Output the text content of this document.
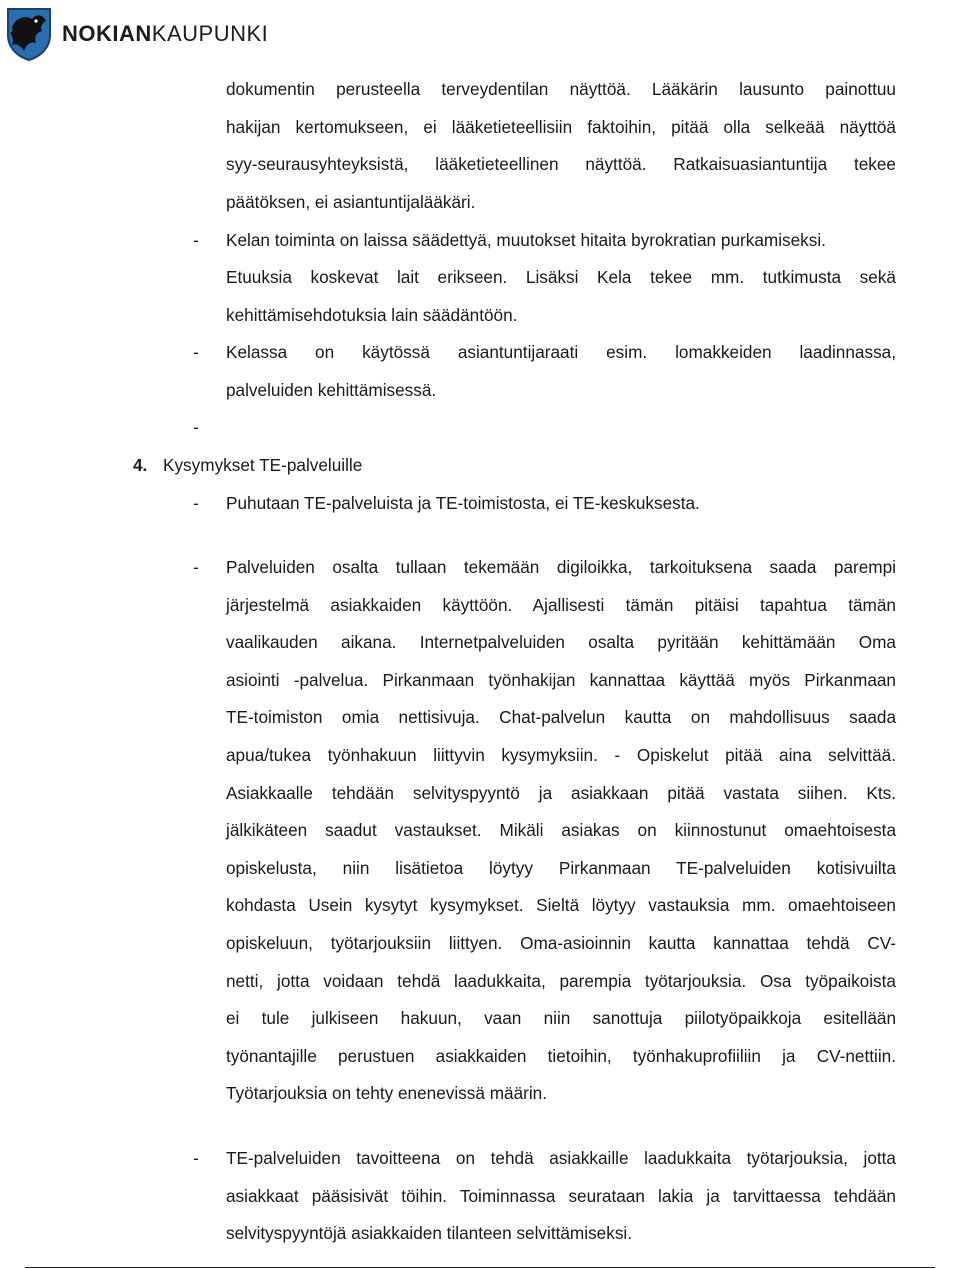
NOKIANKAUPUNKI
dokumentin perusteella terveydentilan näyttöä. Lääkärin lausunto painottuu
hakijan kertomukseen, ei lääketieteellisiin faktoihin, pitää olla selkeää näyttöä
syy-seurausyhteyksistä, lääketieteellinen näyttöä. Ratkaisuasiantuntija tekee
päätöksen, ei asiantuntijalääkäri.
- Kelan toiminta on laissa säädettyä, muutokset hitaita byrokratian purkamiseksi.
Etuuksia koskevat lait erikseen. Lisäksi Kela tekee mm. tutkimusta sekä
kehittämisehdotuksia lain säädäntöön.
- Kelassa on käytössä asiantuntijaraati esim. lomakkeiden laadinnassa,
palveluiden kehittämisessä.
-
4. Kysymykset TE-palveluille
- Puhutaan TE-palveluista ja TE-toimistosta, ei TE-keskuksesta.
- Palveluiden osalta tullaan tekemään digiloikka, tarkoituksena saada parempi
järjestelmä asiakkaiden käyttöön. Ajallisesti tämän pitäisi tapahtua tämän
vaalikauden aikana. Internetpalveluiden osalta pyritään kehittämään Oma
asiointi -palvelua. Pirkanmaan työnhakijan kannattaa käyttää myös Pirkanmaan
TE-toimiston omia nettisivuja. Chat-palvelun kautta on mahdollisuus saada
apua/tukea työnhakuun liittyvin kysymyksiin. - Opiskelut pitää aina selvittää.
Asiakkaalle tehdään selvityspyyntö ja asiakkaan pitää vastata siihen. Kts.
jälkikäteen saadut vastaukset. Mikäli asiakas on kiinnostunut omaehtoisesta
opiskelusta, niin lisätietoa löytyy Pirkanmaan TE-palveluiden kotisivuilta
kohdasta Usein kysytyt kysymykset. Sieltä löytyy vastauksia mm. omaehtoiseen
opiskeluun, työtarjouksiin liittyen. Oma-asioinnin kautta kannattaa tehdä CV-
netti, jotta voidaan tehdä laadukkaita, parempia työtarjouksia. Osa työpaikoista
ei tule julkiseen hakuun, vaan niin sanottuja piilotyöpaikkoja esitellään
työnantajille perustuen asiakkaiden tietoihin, työnhakuprofiiliin ja CV-nettiin.
Työtarjouksia on tehty enenevissä määrin.
- TE-palveluiden tavoitteena on tehdä asiakkaille laadukkaita työtarjouksia, jotta
asiakkaat pääsisivät töihin. Toiminnassa seurataan lakia ja tarvittaessa tehdään
selvityspyyntöjä asiakkaiden tilanteen selvittämiseksi.
